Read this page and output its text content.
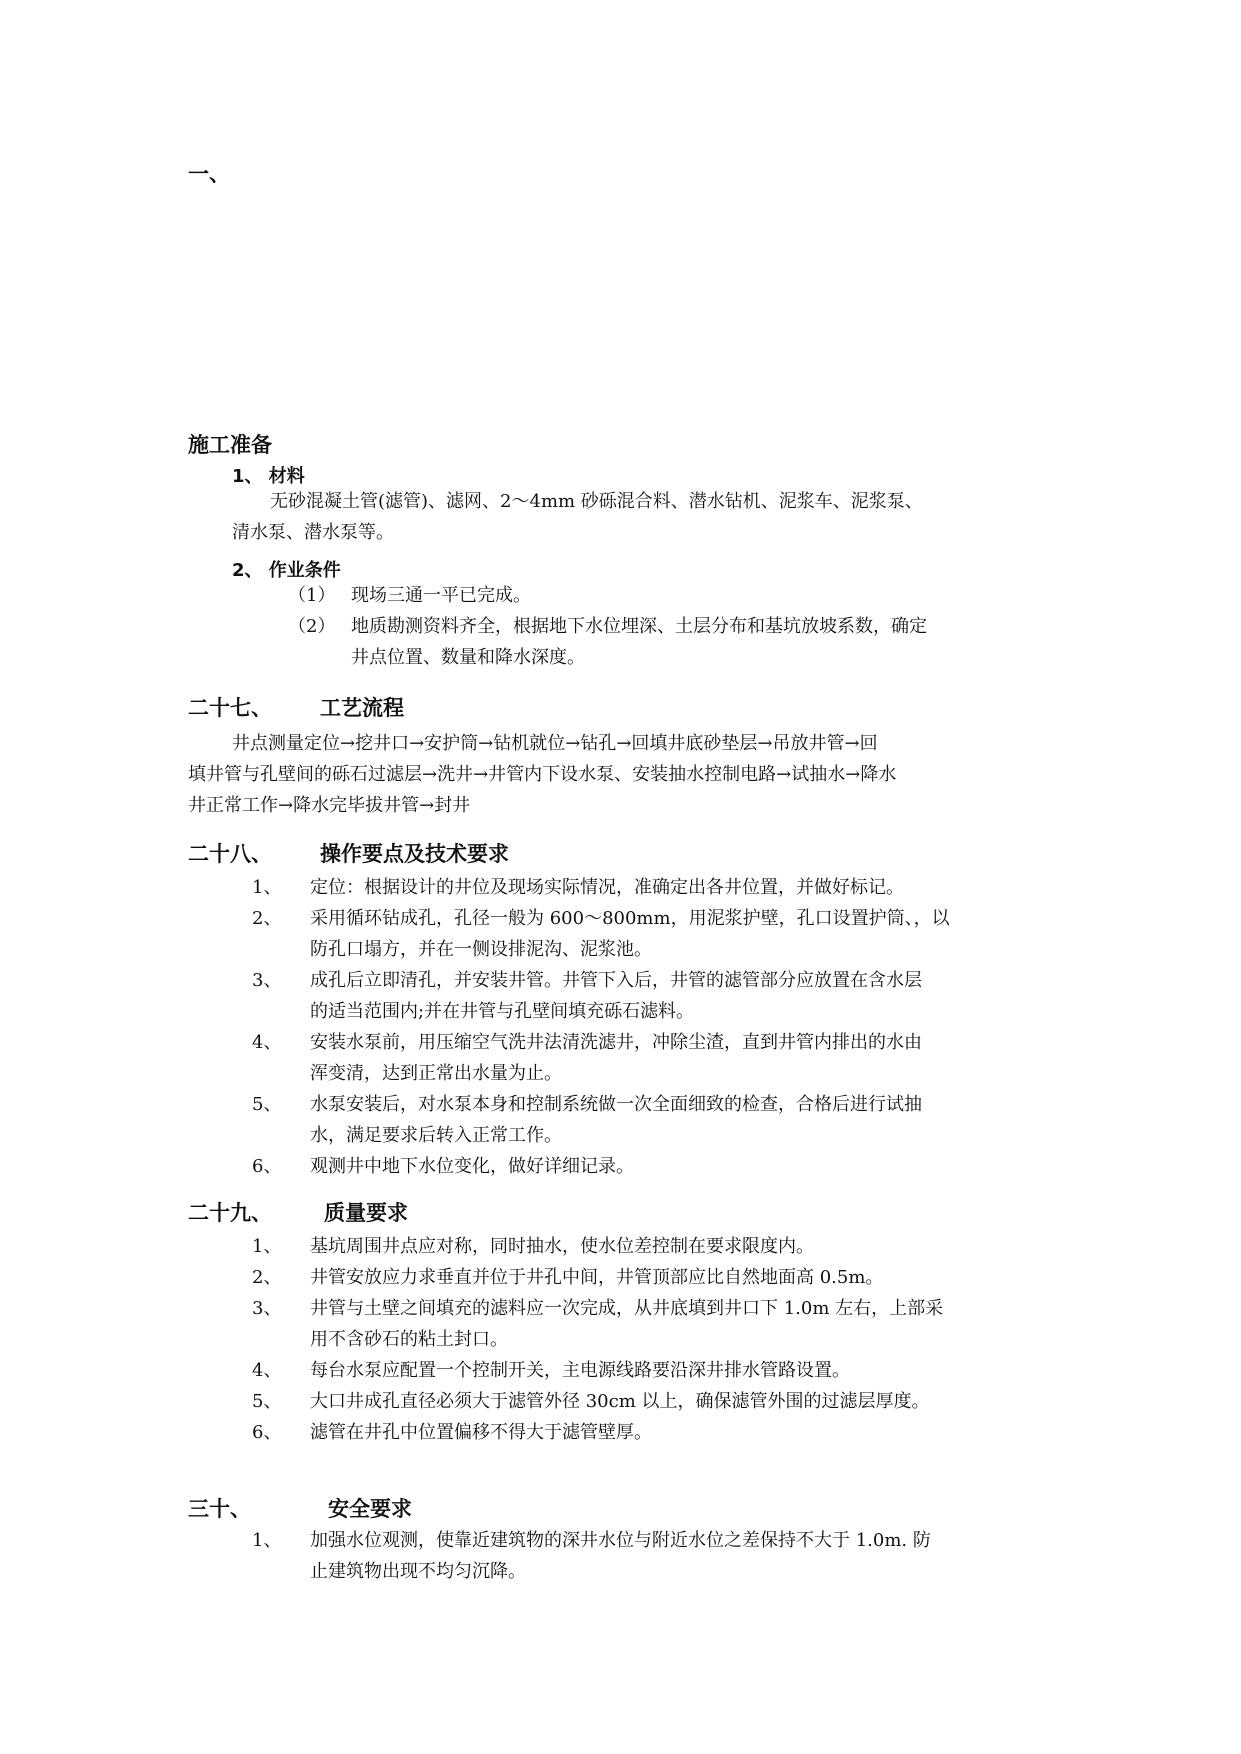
一、
施工准备
1、 材料
无砂混凝土管(滤管)、滤网、2～4mm 砂砾混合料、潜水钻机、泥浆车、泥浆泵、
清水泵、潜水泵等。
2、 作业条件
（1） 现场三通一平已完成。
（2） 地质勘测资料齐全，根据地下水位埋深、土层分布和基坑放坡系数，确定
井点位置、数量和降水深度。
二十七、 工艺流程
井点测量定位→挖井口→安护筒→钻机就位→钻孔→回填井底砂垫层→吊放井管→回
填井管与孔壁间的砾石过滤层→洗井→井管内下设水泵、安装抽水控制电路→试抽水→降水
井正常工作→降水完毕拔井管→封井
二十八、 操作要点及技术要求
1、 定位：根据设计的井位及现场实际情况，准确定出各井位置，并做好标记。
2、 采用循环钻成孔，孔径一般为 600～800mm，用泥浆护壁，孔口设置护筒、，以
防孔口塌方，并在一侧设排泥沟、泥浆池。
3、 成孔后立即清孔，并安装井管。井管下入后，井管的滤管部分应放置在含水层
的适当范围内;并在井管与孔壁间填充砾石滤料。
4、 安装水泵前，用压缩空气洗井法清洗滤井，冲除尘渣，直到井管内排出的水由
浑变清，达到正常出水量为止。
5、 水泵安装后，对水泵本身和控制系统做一次全面细致的检查，合格后进行试抽
水，满足要求后转入正常工作。
6、 观测井中地下水位变化，做好详细记录。
二十九、 质量要求
1、 基坑周围井点应对称，同时抽水，使水位差控制在要求限度内。
2、 井管安放应力求垂直并位于井孔中间，井管顶部应比自然地面高 0.5m。
3、 井管与土壁之间填充的滤料应一次完成，从井底填到井口下 1.0m 左右，上部采
用不含砂石的粘土封口。
4、 每台水泵应配置一个控制开关，主电源线路要沿深井排水管路设置。
5、 大口井成孔直径必须大于滤管外径 30cm 以上，确保滤管外围的过滤层厚度。
6、 滤管在井孔中位置偏移不得大于滤管壁厚。
三十、	安全要求
1、 加强水位观测，使靠近建筑物的深井水位与附近水位之差保持不大于 1.0m. 防
止建筑物出现不均匀沉降。
